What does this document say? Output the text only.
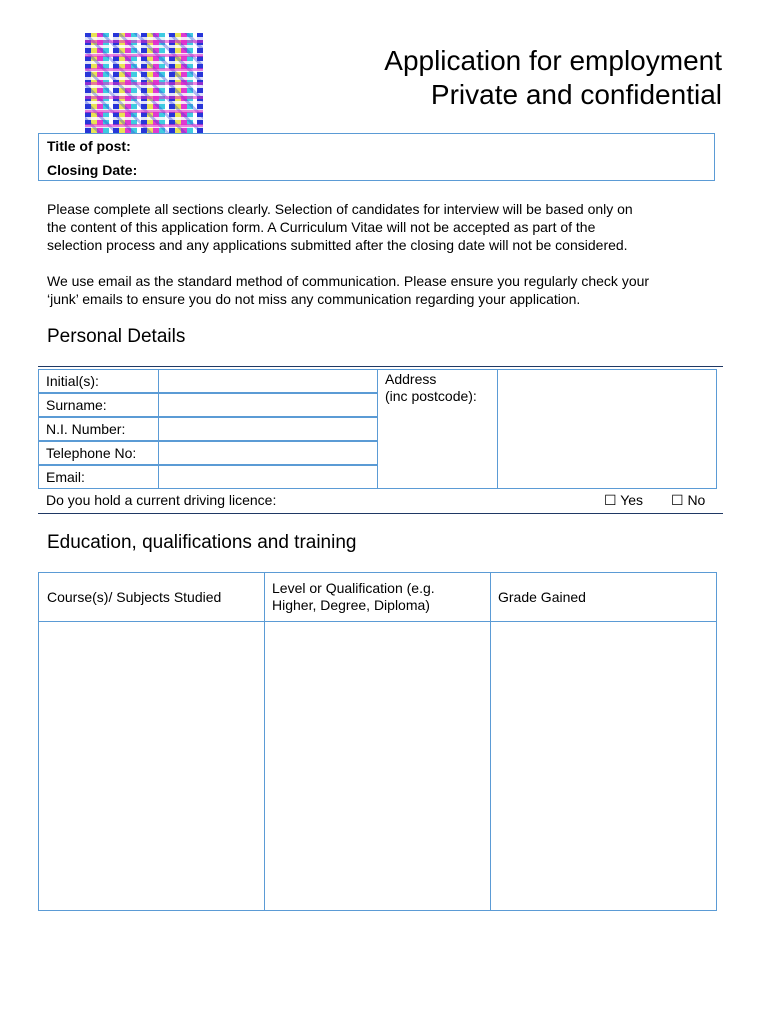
Application for employment
Private and confidential
Title of post:
Closing Date:
Please complete all sections clearly. Selection of candidates for interview will be based only on
the content of this application form. A Curriculum Vitae will not be accepted as part of the
selection process and any applications submitted after the closing date will not be considered.
We use email as the standard method of communication. Please ensure you regularly check your
‘junk’ emails to ensure you do not miss any communication regarding your application.
Personal Details
Initial(s):
Surname:
N.I. Number:
Telephone No:
Email:
Address
(inc postcode):
Do you hold a current driving licence:	☐ Yes ☐ No
Education, qualifications and training
Course(s)/ Subjects Studied
Level or Qualification (e.g.
Higher, Degree, Diploma)	Grade Gained
